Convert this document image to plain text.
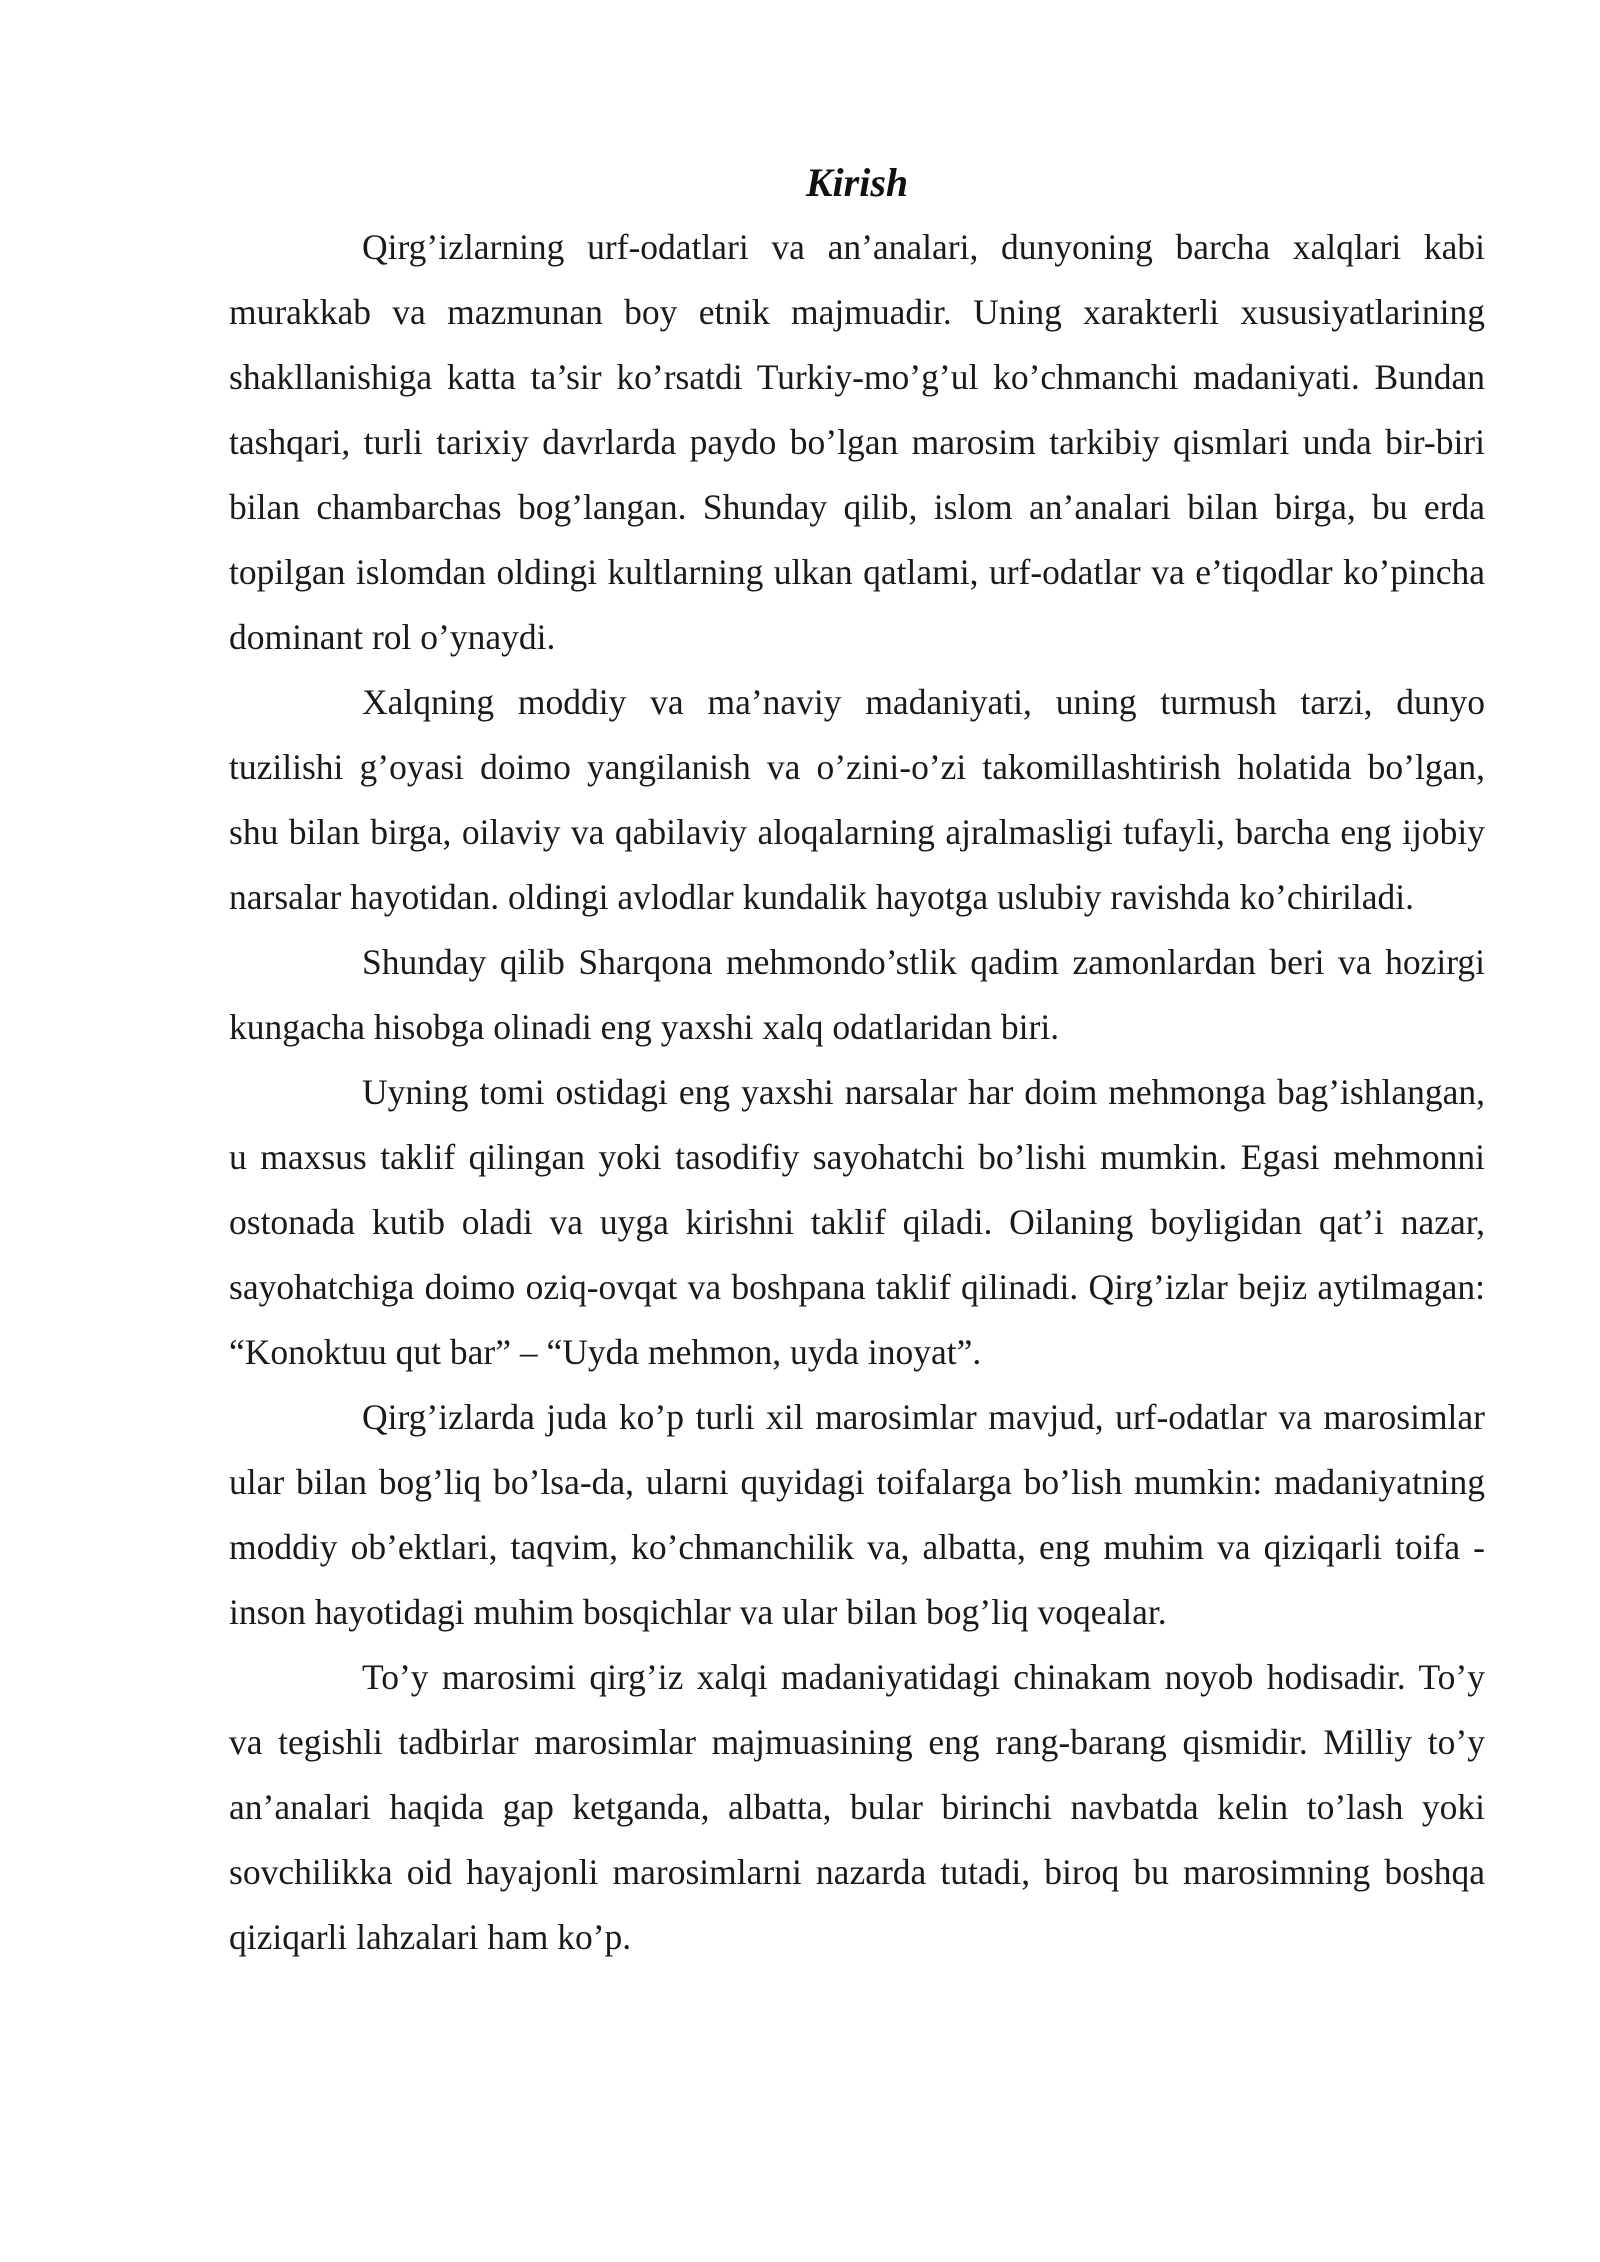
Kirish

Qirg’izlarning urf-odatlari va an’analari, dunyoning barcha xalqlari kabi murakkab va mazmunan boy etnik majmuadir. Uning xarakterli xususiyatlarining shakllanishiga katta ta’sir ko’rsatdi Turkiy-mo’g’ul ko’chmanchi madaniyati. Bundan tashqari, turli tarixiy davrlarda paydo bo’lgan marosim tarkibiy qismlari unda bir-biri bilan chambarchas bog’langan. Shunday qilib, islom an’analari bilan birga, bu erda topilgan islomdan oldingi kultlarning ulkan qatlami, urf-odatlar va e’tiqodlar ko’pincha dominant rol o’ynaydi.

Xalqning moddiy va ma’naviy madaniyati, uning turmush tarzi, dunyo tuzilishi g’oyasi doimo yangilanish va o’zini-o’zi takomillashtirish holatida bo’lgan, shu bilan birga, oilaviy va qabilaviy aloqalarning ajralmasligi tufayli, barcha eng ijobiy narsalar hayotidan. oldingi avlodlar kundalik hayotga uslubiy ravishda ko’chiriladi.

Shunday qilib Sharqona mehmondo’stlik qadim zamonlardan beri va hozirgi kungacha hisobga olinadi eng yaxshi xalq odatlaridan biri.

Uyning tomi ostidagi eng yaxshi narsalar har doim mehmonga bag’ishlangan, u maxsus taklif qilingan yoki tasodifiy sayohatchi bo’lishi mumkin. Egasi mehmonni ostonada kutib oladi va uyga kirishni taklif qiladi. Oilaning boyligidan qat’i nazar, sayohatchiga doimo oziq-ovqat va boshpana taklif qilinadi. Qirg’izlar bejiz aytilmagan: “Konoktuu qut bar” – “Uyda mehmon, uyda inoyat”.

Qirg’izlarda juda ko’p turli xil marosimlar mavjud, urf-odatlar va marosimlar ular bilan bog’liq bo’lsa-da, ularni quyidagi toifalarga bo’lish mumkin: madaniyatning moddiy ob’ektlari, taqvim, ko’chmanchilik va, albatta, eng muhim va qiziqarli toifa - inson hayotidagi muhim bosqichlar va ular bilan bog’liq voqealar.

To’y marosimi qirg’iz xalqi madaniyatidagi chinakam noyob hodisadir. To’y va tegishli tadbirlar marosimlar majmuasining eng rang-barang qismidir. Milliy to’y an’analari haqida gap ketganda, albatta, bular birinchi navbatda kelin to’lash yoki sovchilikka oid hayajonli marosimlarni nazarda tutadi, biroq bu marosimning boshqa qiziqarli lahzalari ham ko’p.
